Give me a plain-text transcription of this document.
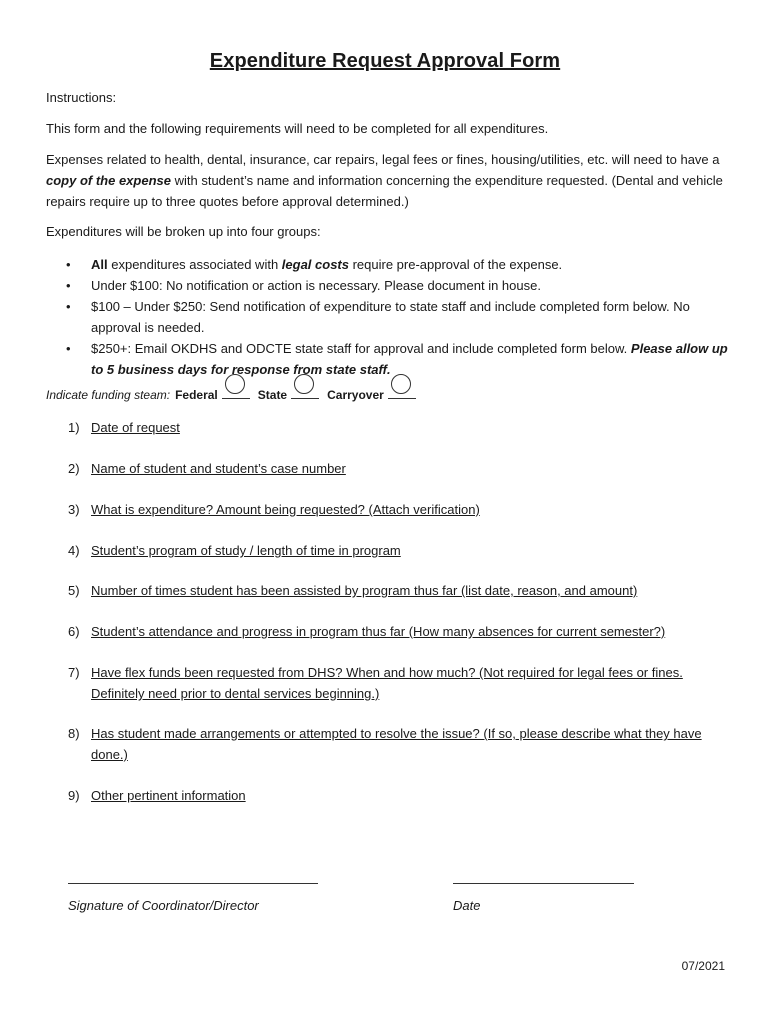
Expenditure Request Approval Form

Instructions:

This form and the following requirements will need to be completed for all expenditures.

Expenses related to health, dental, insurance, car repairs, legal fees or fines, housing/utilities, etc. will need to have a copy of the expense with student’s name and information concerning the expenditure requested. (Dental and vehicle repairs require up to three quotes before approval determined.)

Expenditures will be broken up into four groups:

• All expenditures associated with legal costs require pre-approval of the expense.
• Under $100: No notification or action is necessary. Please document in house.
• $100 – Under $250: Send notification of expenditure to state staff and include completed form below. No approval is needed.
• $250+: Email OKDHS and ODCTE state staff for approval and include completed form below. Please allow up to 5 business days for response from state staff.
Indicate funding steam: Federal	State	Carryover
1) Date of request
2) Name of student and student’s case number
3) What is expenditure? Amount being requested? (Attach verification)
4) Student’s program of study / length of time in program
5) Number of times student has been assisted by program thus far (list date, reason, and amount)
6) Student’s attendance and progress in program thus far (How many absences for current semester?)
7) Have flex funds been requested from DHS? When and how much? (Not required for legal fees or fines. Definitely need prior to dental services beginning.)
8) Has student made arrangements or attempted to resolve the issue? (If so, please describe what they have done.)
9) Other pertinent information
Signature of Coordinator/Director	Date
07/2021
